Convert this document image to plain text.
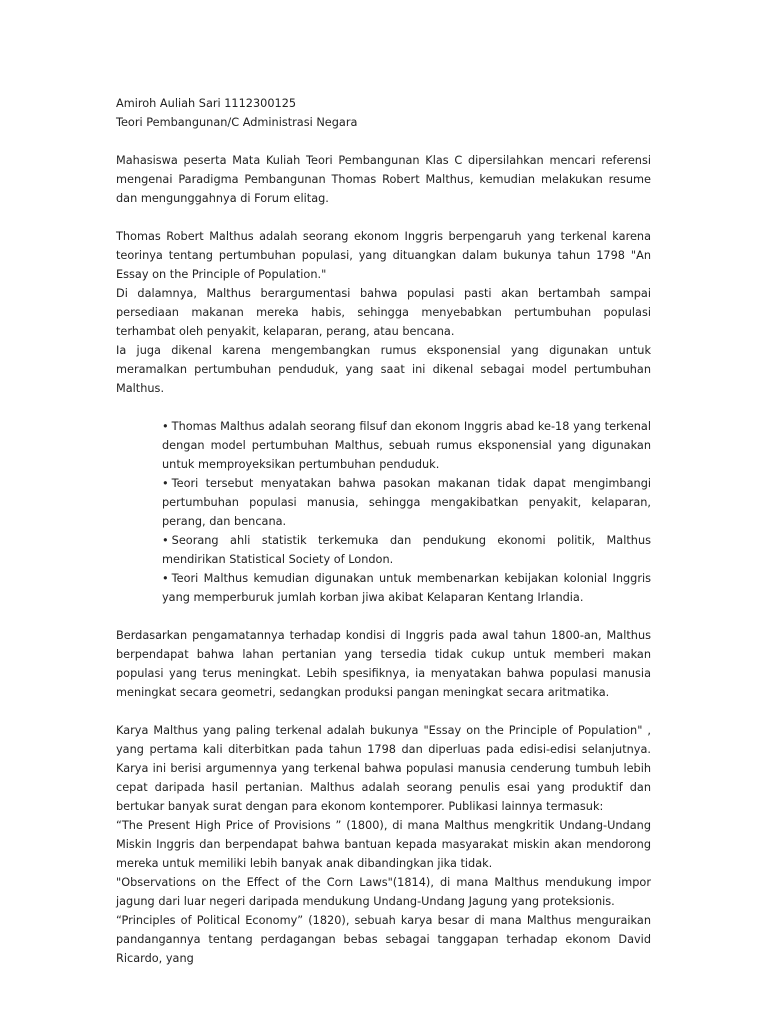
Amiroh Auliah Sari 1112300125
Teori Pembangunan/C Administrasi Negara

Mahasiswa peserta Mata Kuliah Teori Pembangunan Klas C dipersilahkan mencari referensi mengenai Paradigma Pembangunan Thomas Robert Malthus, kemudian melakukan resume dan mengunggahnya di Forum elitag.

Thomas Robert Malthus adalah seorang ekonom Inggris berpengaruh yang terkenal karena teorinya tentang pertumbuhan populasi, yang dituangkan dalam bukunya tahun 1798 "An Essay on the Principle of Population."

Di dalamnya, Malthus berargumentasi bahwa populasi pasti akan bertambah sampai persediaan makanan mereka habis, sehingga menyebabkan pertumbuhan populasi terhambat oleh penyakit, kelaparan, perang, atau bencana.

Ia juga dikenal karena mengembangkan rumus eksponensial yang digunakan untuk meramalkan pertumbuhan penduduk, yang saat ini dikenal sebagai model pertumbuhan Malthus.

• Thomas Malthus adalah seorang filsuf dan ekonom Inggris abad ke-18 yang terkenal dengan model pertumbuhan Malthus, sebuah rumus eksponensial yang digunakan untuk memproyeksikan pertumbuhan penduduk.
• Teori tersebut menyatakan bahwa pasokan makanan tidak dapat mengimbangi pertumbuhan populasi manusia, sehingga mengakibatkan penyakit, kelaparan, perang, dan bencana.
• Seorang ahli statistik terkemuka dan pendukung ekonomi politik, Malthus mendirikan Statistical Society of London.
• Teori Malthus kemudian digunakan untuk membenarkan kebijakan kolonial Inggris yang memperburuk jumlah korban jiwa akibat Kelaparan Kentang Irlandia.

Berdasarkan pengamatannya terhadap kondisi di Inggris pada awal tahun 1800-an, Malthus berpendapat bahwa lahan pertanian yang tersedia tidak cukup untuk memberi makan populasi yang terus meningkat. Lebih spesifiknya, ia menyatakan bahwa populasi manusia meningkat secara geometri, sedangkan produksi pangan meningkat secara aritmatika.

Karya Malthus yang paling terkenal adalah bukunya "Essay on the Principle of Population" , yang pertama kali diterbitkan pada tahun 1798 dan diperluas pada edisi-edisi selanjutnya. Karya ini berisi argumennya yang terkenal bahwa populasi manusia cenderung tumbuh lebih cepat daripada hasil pertanian. Malthus adalah seorang penulis esai yang produktif dan bertukar banyak surat dengan para ekonom kontemporer. Publikasi lainnya termasuk:

“The Present High Price of Provisions ” (1800), di mana Malthus mengkritik Undang-Undang Miskin Inggris dan berpendapat bahwa bantuan kepada masyarakat miskin akan mendorong mereka untuk memiliki lebih banyak anak dibandingkan jika tidak.

"Observations on the Effect of the Corn Laws"(1814), di mana Malthus mendukung impor jagung dari luar negeri daripada mendukung Undang-Undang Jagung yang proteksionis.

“Principles of Political Economy” (1820), sebuah karya besar di mana Malthus menguraikan pandangannya tentang perdagangan bebas sebagai tanggapan terhadap ekonom David Ricardo, yang
